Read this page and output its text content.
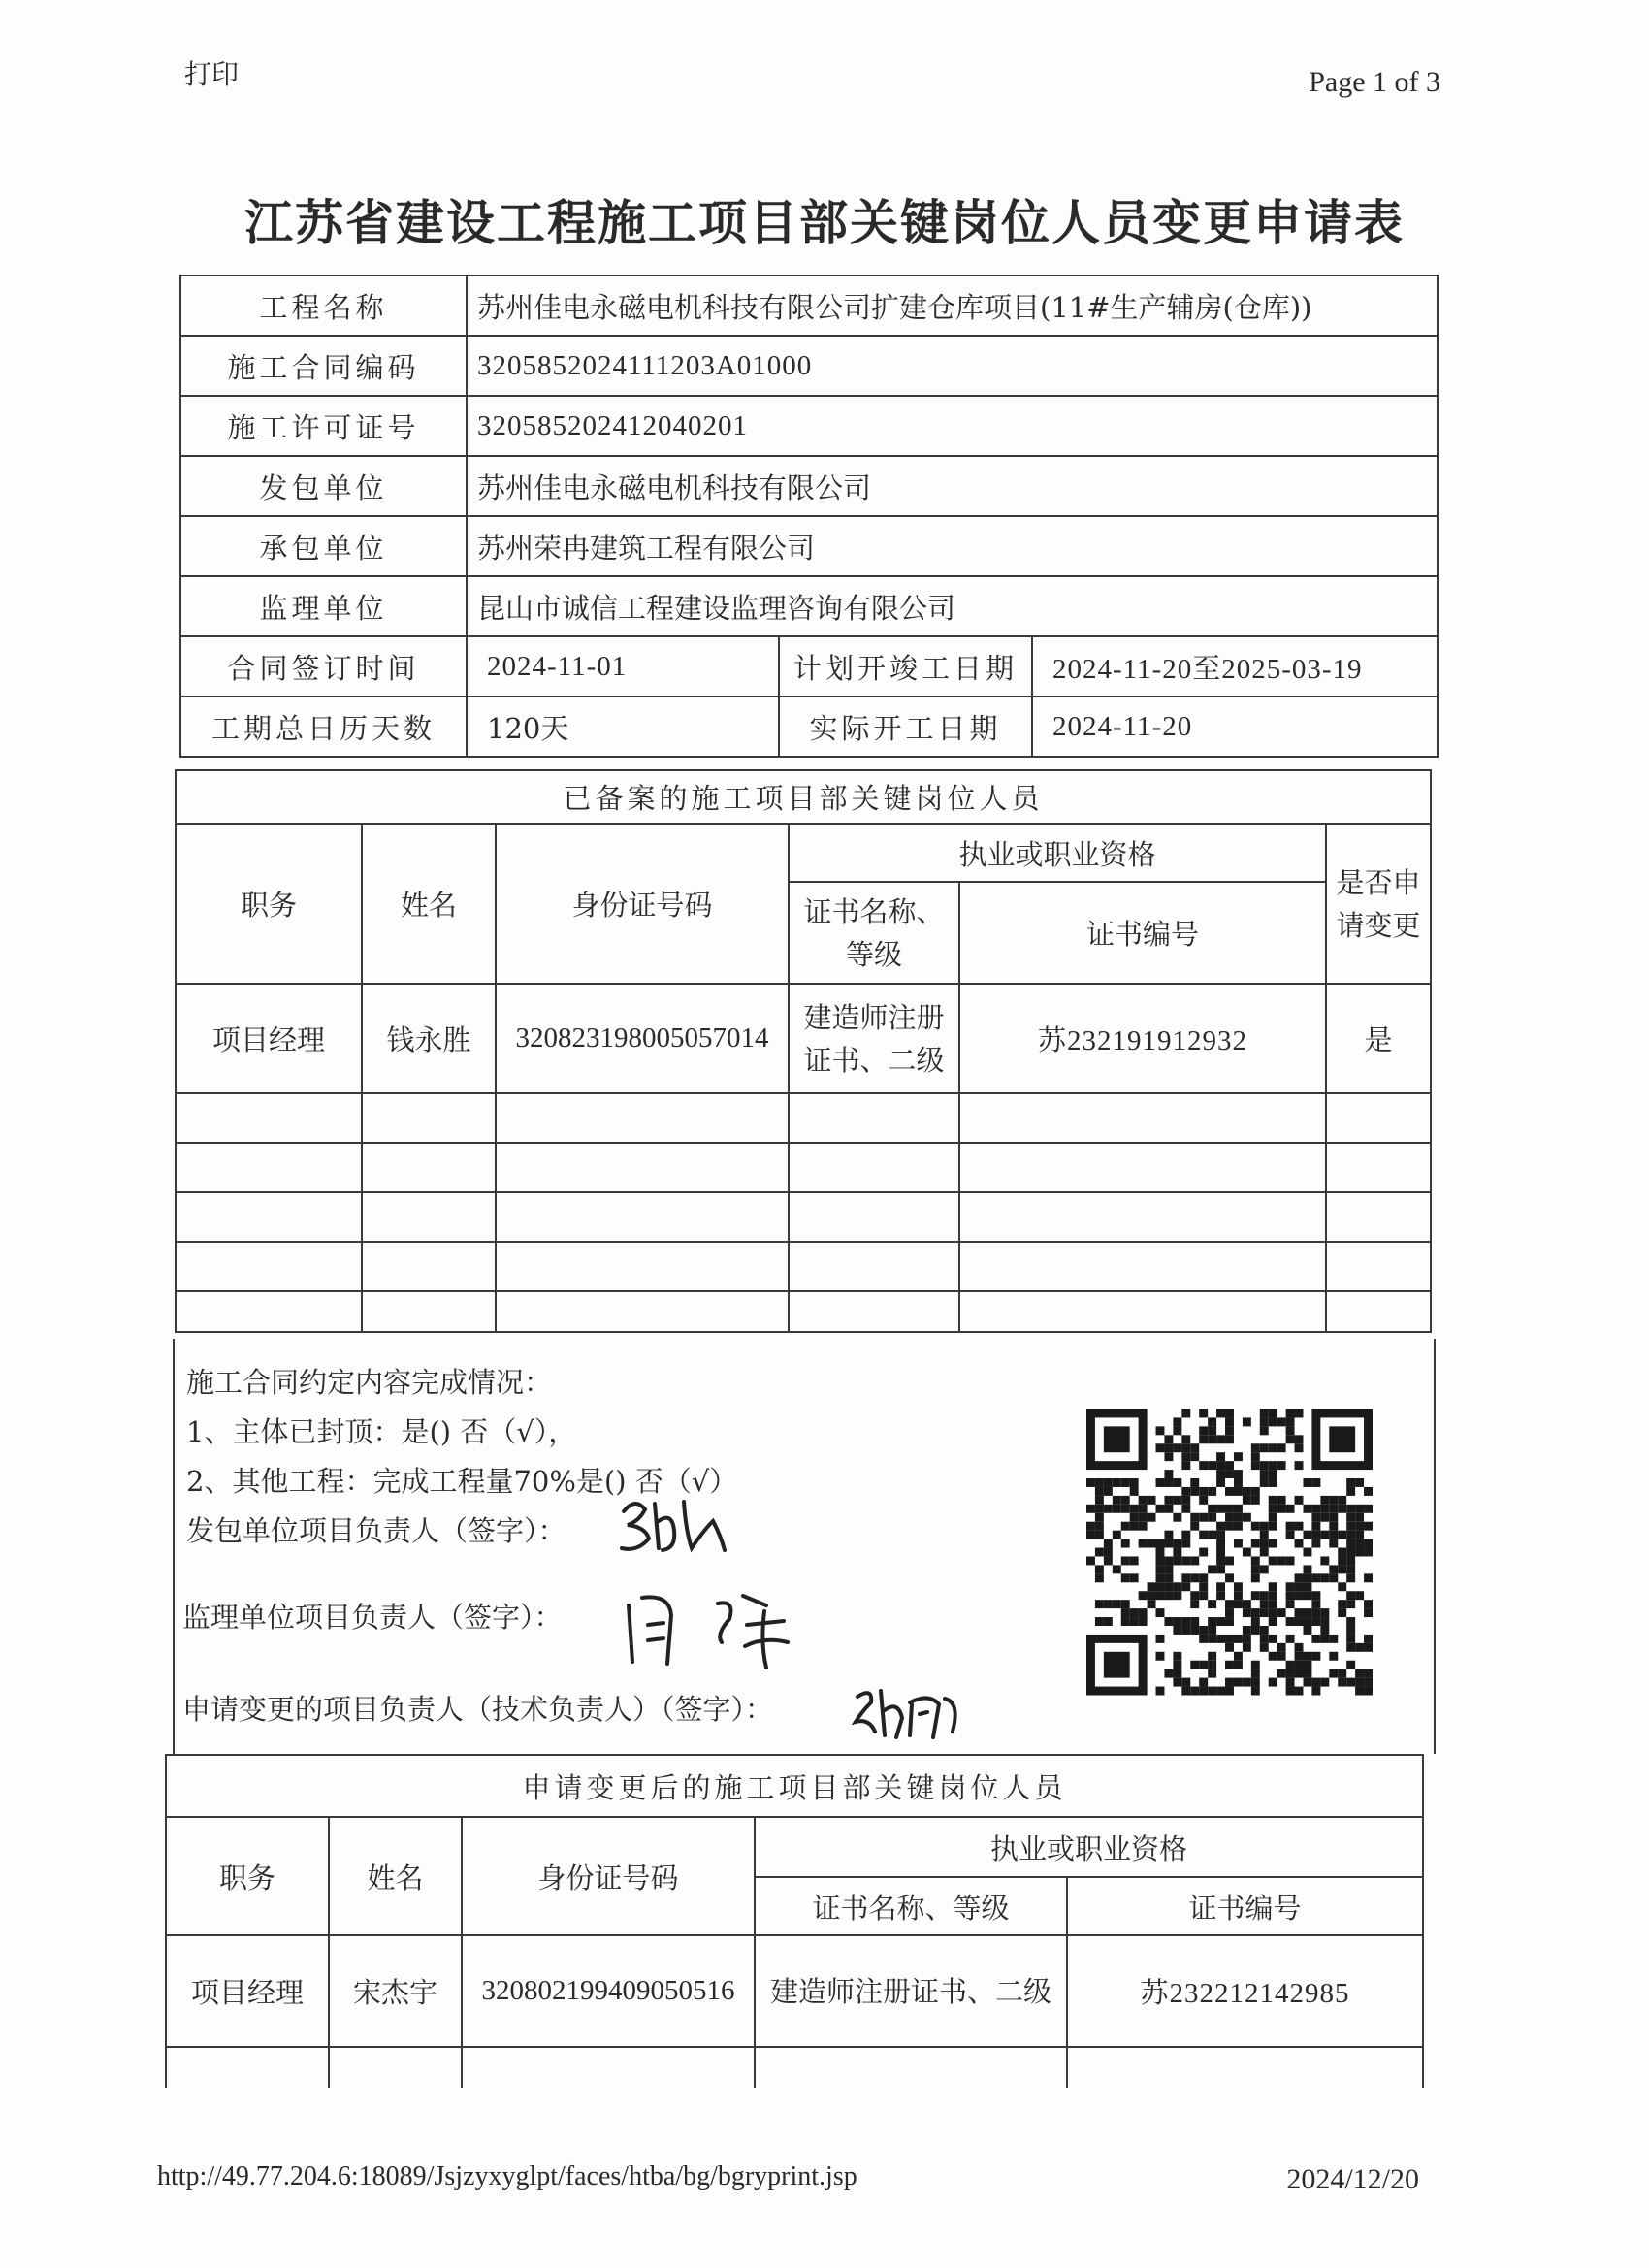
打印	Page 1 of 3
江苏省建设工程施工项目部关键岗位人员变更申请表
工程名称	苏州佳电永磁电机科技有限公司扩建仓库项目(11#生产辅房(仓库))		
施工合同编码	3205852024111203A01000		
施工许可证号	320585202412040201		
发包单位	苏州佳电永磁电机科技有限公司		
承包单位	苏州荣冉建筑工程有限公司		
监理单位	昆山市诚信工程建设监理咨询有限公司		
合同签订时间	2024-11-01	计划开竣工日期	2024-11-20至2025-03-19
工期总日历天数	120天	实际开工日期	2024-11-20
已备案的施工项目部关键岗位人员					
职务	姓名	身份证号码	执业或职业资格		是否申请变更
			证书名称、等级	证书编号	
项目经理	钱永胜	320823198005057014	建造师注册证书、二级	苏232191912932	是

施工合同约定内容完成情况：
1、主体已封顶：是() 否（√），
2、其他工程：完成工程量70%是() 否（√）
发包单位项目负责人（签字）：
监理单位项目负责人（签字）：
申请变更的项目负责人（技术负责人）（签字）：
申请变更后的施工项目部关键岗位人员				
职务	姓名	身份证号码	执业或职业资格	
			证书名称、等级	证书编号
项目经理	宋杰宇	320802199409050516	建造师注册证书、二级	苏232212142985

http://49.77.204.6:18089/Jsjzyxyglpt/faces/htba/bg/bgryprint.jsp	2024/12/20
